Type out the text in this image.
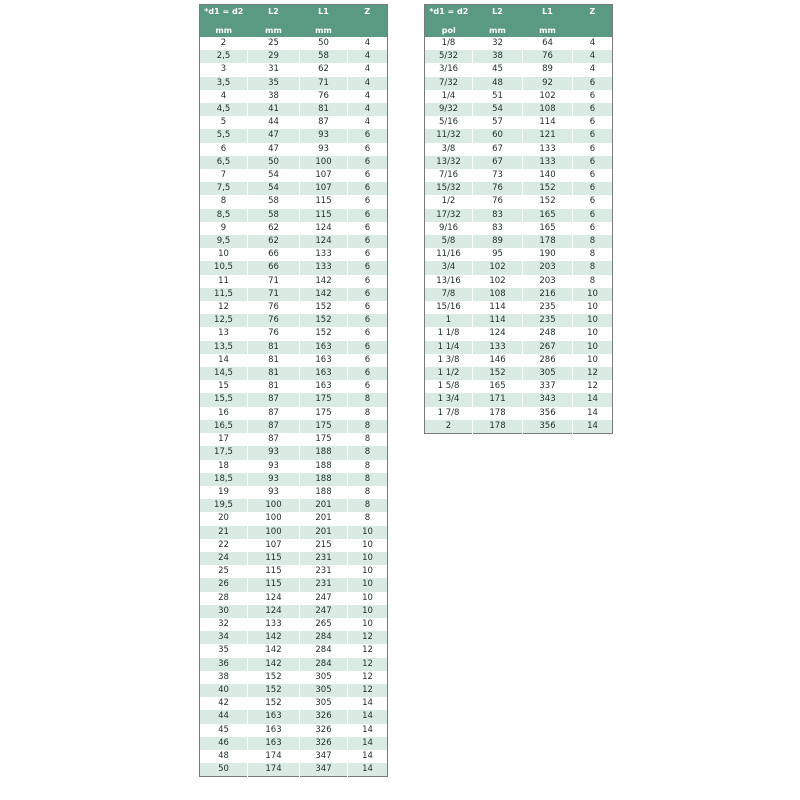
*d1 = d2	L2	L1	Z
mm	mm	mm	
2	25	50	4
2,5	29	58	4
3	31	62	4
3,5	35	71	4
4	38	76	4
4,5	41	81	4
5	44	87	4
5,5	47	93	6
6	47	93	6
6,5	50	100	6
7	54	107	6
7,5	54	107	6
8	58	115	6
8,5	58	115	6
9	62	124	6
9,5	62	124	6
10	66	133	6
10,5	66	133	6
11	71	142	6
11,5	71	142	6
12	76	152	6
12,5	76	152	6
13	76	152	6
13,5	81	163	6
14	81	163	6
14,5	81	163	6
15	81	163	6
15,5	87	175	8
16	87	175	8
16,5	87	175	8
17	87	175	8
17,5	93	188	8
18	93	188	8
18,5	93	188	8
19	93	188	8
19,5	100	201	8
20	100	201	8
21	100	201	10
22	107	215	10
24	115	231	10
25	115	231	10
26	115	231	10
28	124	247	10
30	124	247	10
32	133	265	10
34	142	284	12
35	142	284	12
36	142	284	12
38	152	305	12
40	152	305	12
42	152	305	14
44	163	326	14
45	163	326	14
46	163	326	14
48	174	347	14
50	174	347	14
*d1 = d2	L2	L1	Z
pol	mm	mm	
1/8	32	64	4
5/32	38	76	4
3/16	45	89	4
7/32	48	92	6
1/4	51	102	6
9/32	54	108	6
5/16	57	114	6
11/32	60	121	6
3/8	67	133	6
13/32	67	133	6
7/16	73	140	6
15/32	76	152	6
1/2	76	152	6
17/32	83	165	6
9/16	83	165	6
5/8	89	178	8
11/16	95	190	8
3/4	102	203	8
13/16	102	203	8
7/8	108	216	10
15/16	114	235	10
1	114	235	10
1 1/8	124	248	10
1 1/4	133	267	10
1 3/8	146	286	10
1 1/2	152	305	12
1 5/8	165	337	12
1 3/4	171	343	14
1 7/8	178	356	14
2	178	356	14
